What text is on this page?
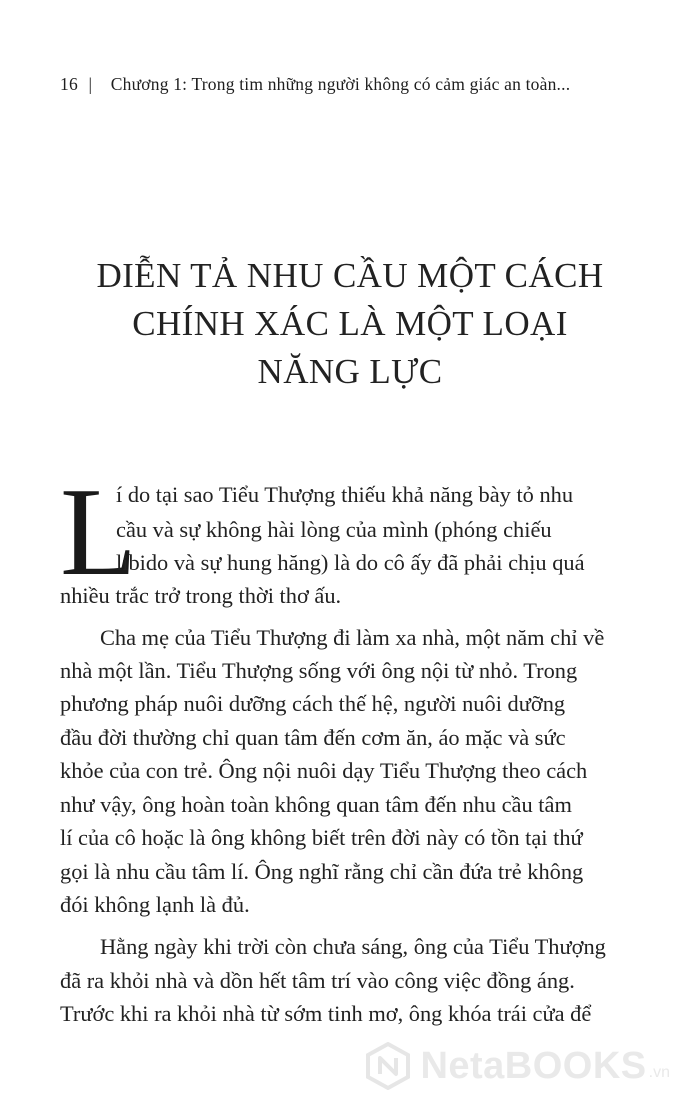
16 | Chương 1: Trong tim những người không có cảm giác an toàn...
DIỄN TẢ NHU CẦU MỘT CÁCH
CHÍNH XÁC LÀ MỘT LOẠI
NĂNG LỰC
L
í do tại sao Tiểu Thượng thiếu khả năng bày tỏ nhu
cầu và sự không hài lòng của mình (phóng chiếu
libido và sự hung hăng) là do cô ấy đã phải chịu quá
nhiều trắc trở trong thời thơ ấu.
Cha mẹ của Tiểu Thượng đi làm xa nhà, một năm chỉ về
nhà một lần. Tiểu Thượng sống với ông nội từ nhỏ. Trong
phương pháp nuôi dưỡng cách thế hệ, người nuôi dưỡng
đầu đời thường chỉ quan tâm đến cơm ăn, áo mặc và sức
khỏe của con trẻ. Ông nội nuôi dạy Tiểu Thượng theo cách
như vậy, ông hoàn toàn không quan tâm đến nhu cầu tâm
lí của cô hoặc là ông không biết trên đời này có tồn tại thứ
gọi là nhu cầu tâm lí. Ông nghĩ rằng chỉ cần đứa trẻ không
đói không lạnh là đủ.
Hằng ngày khi trời còn chưa sáng, ông của Tiểu Thượng
đã ra khỏi nhà và dồn hết tâm trí vào công việc đồng áng.
Trước khi ra khỏi nhà từ sớm tinh mơ, ông khóa trái cửa để
NetaBOOKS .vn
